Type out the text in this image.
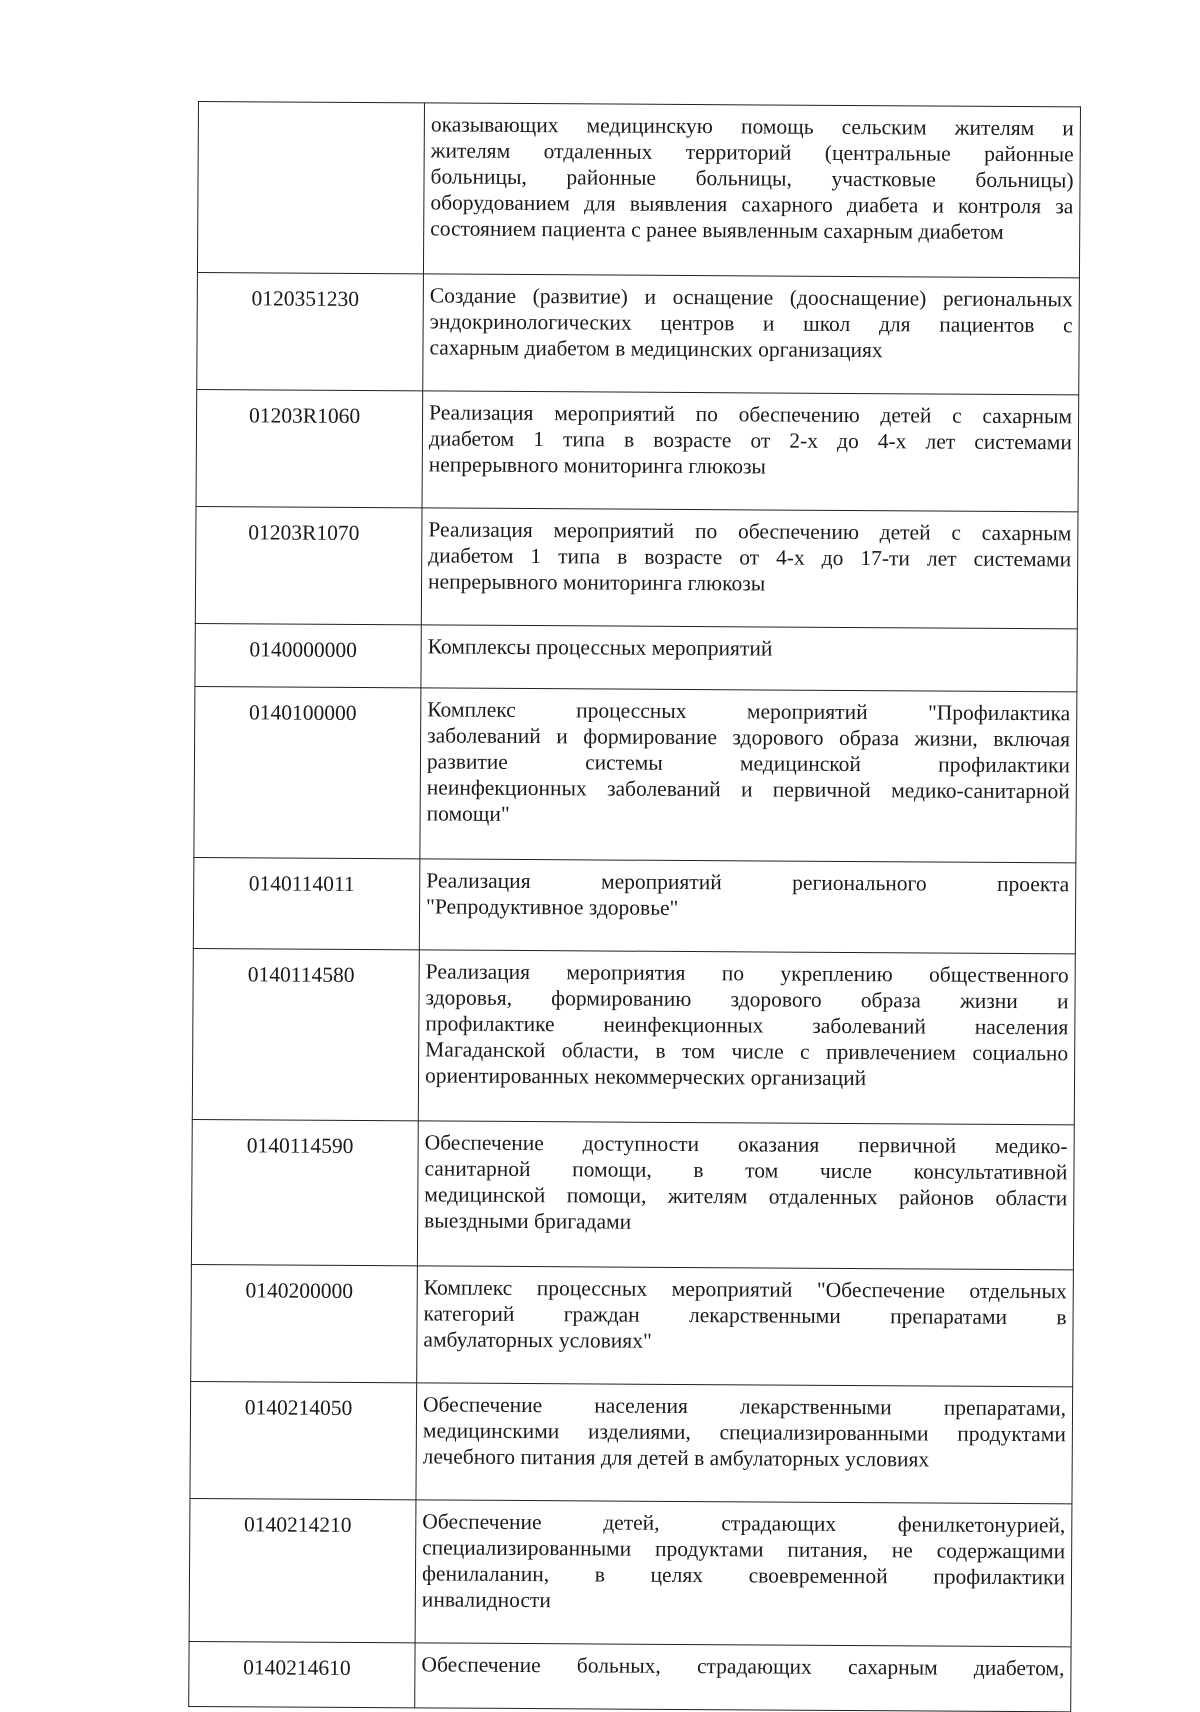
	оказывающих медицинскую помощь сельским жителям и
жителям отдаленных территорий (центральные районные
больницы, районные больницы, участковые больницы)
оборудованием для выявления сахарного диабета и контроля за
состоянием пациента с ранее выявленным сахарным диабетом

0120351230	Создание (развитие) и оснащение (дооснащение) региональных
эндокринологических центров и школ для пациентов с
сахарным диабетом в медицинских организациях

01203R1060	Реализация мероприятий по обеспечению детей с сахарным
диабетом 1 типа в возрасте от 2-х до 4-х лет системами
непрерывного мониторинга глюкозы

01203R1070	Реализация мероприятий по обеспечению детей с сахарным
диабетом 1 типа в возрасте от 4-х до 17-ти лет системами
непрерывного мониторинга глюкозы

0140000000	Комплексы процессных мероприятий

0140100000	Комплекс процессных мероприятий "Профилактика
заболеваний и формирование здорового образа жизни, включая
развитие системы медицинской профилактики
неинфекционных заболеваний и первичной медико-санитарной
помощи"

0140114011	Реализация мероприятий регионального проекта
"Репродуктивное здоровье"

0140114580	Реализация мероприятия по укреплению общественного
здоровья, формированию здорового образа жизни и
профилактике неинфекционных заболеваний населения
Магаданской области, в том числе с привлечением социально
ориентированных некоммерческих организаций

0140114590	Обеспечение доступности оказания первичной медико-
санитарной помощи, в том числе консультативной
медицинской помощи, жителям отдаленных районов области
выездными бригадами

0140200000	Комплекс процессных мероприятий "Обеспечение отдельных
категорий граждан лекарственными препаратами в
амбулаторных условиях"

0140214050	Обеспечение населения лекарственными препаратами,
медицинскими изделиями, специализированными продуктами
лечебного питания для детей в амбулаторных условиях

0140214210	Обеспечение детей, страдающих фенилкетонурией,
специализированными продуктами питания, не содержащими
фенилаланин, в целях своевременной профилактики
инвалидности

0140214610	Обеспечение больных, страдающих сахарным диабетом,
